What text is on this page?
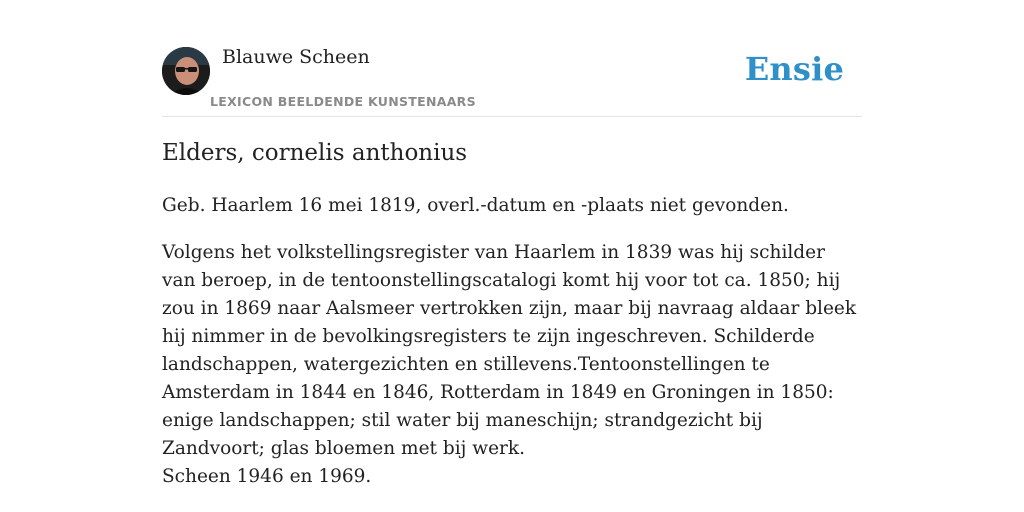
Blauwe Scheen
LEXICON BEELDENDE KUNSTENAARS
Ensie
Elders, cornelis anthonius

Geb. Haarlem 16 mei 1819, overl.-datum en -plaats niet gevonden.

Volgens het volkstellingsregister van Haarlem in 1839 was hij schilder van beroep, in de tentoonstellingscatalogi komt hij voor tot ca. 1850; hij zou in 1869 naar Aalsmeer vertrokken zijn, maar bij navraag aldaar bleek hij nimmer in de bevolkingsregisters te zijn ingeschreven. Schilderde landschappen, watergezichten en stillevens.Tentoonstellingen te Amsterdam in 1844 en 1846, Rotterdam in 1849 en Groningen in 1850: enige landschappen; stil water bij maneschijn; strandgezicht bij Zandvoort; glas bloemen met bij werk.

Scheen 1946 en 1969.
